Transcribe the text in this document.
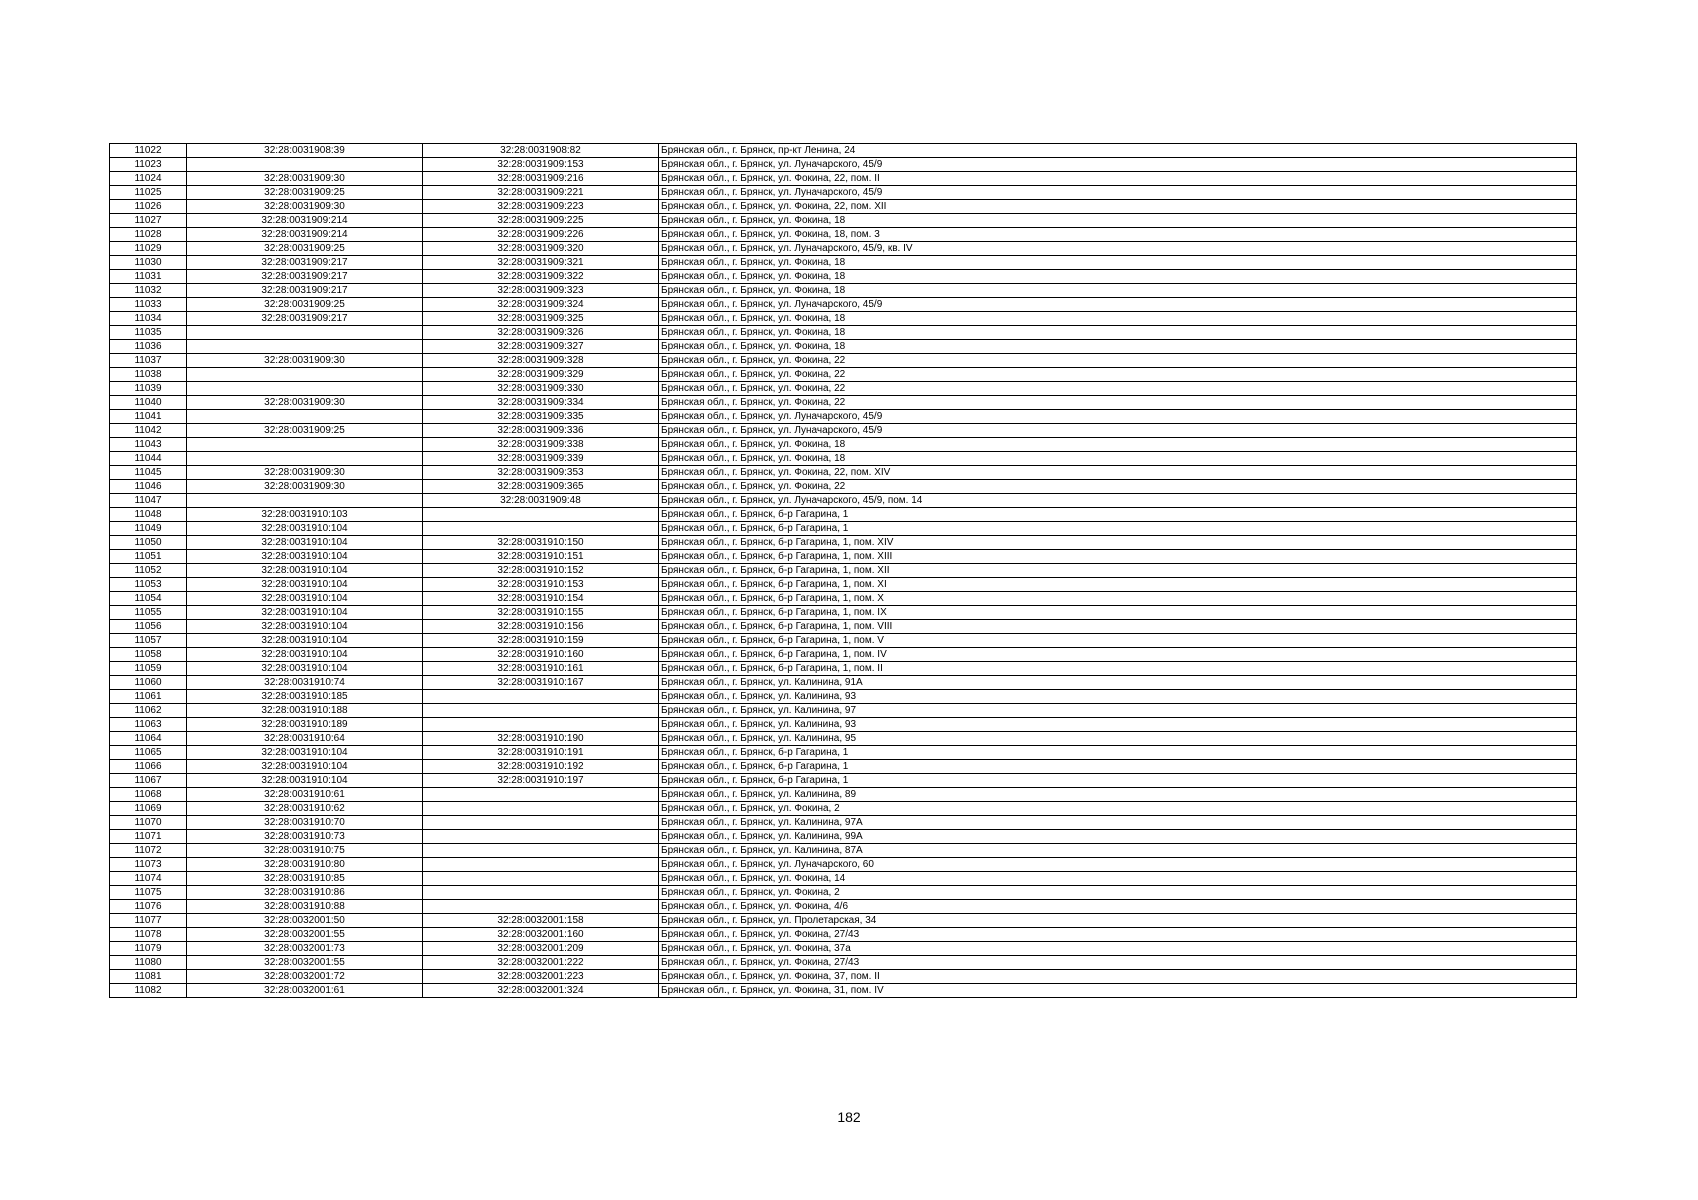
11022	32:28:0031908:39	32:28:0031908:82	Брянская обл., г. Брянск, пр-кт Ленина, 24
11023		32:28:0031909:153	Брянская обл., г. Брянск, ул. Луначарского, 45/9
11024	32:28:0031909:30	32:28:0031909:216	Брянская обл., г. Брянск, ул. Фокина, 22, пом. II
11025	32:28:0031909:25	32:28:0031909:221	Брянская обл., г. Брянск, ул. Луначарского, 45/9
11026	32:28:0031909:30	32:28:0031909:223	Брянская обл., г. Брянск, ул. Фокина, 22, пом. XII
11027	32:28:0031909:214	32:28:0031909:225	Брянская обл., г. Брянск, ул. Фокина, 18
11028	32:28:0031909:214	32:28:0031909:226	Брянская обл., г. Брянск, ул. Фокина, 18, пом. 3
11029	32:28:0031909:25	32:28:0031909:320	Брянская обл., г. Брянск, ул. Луначарского, 45/9, кв. IV
11030	32:28:0031909:217	32:28:0031909:321	Брянская обл., г. Брянск, ул. Фокина, 18
11031	32:28:0031909:217	32:28:0031909:322	Брянская обл., г. Брянск, ул. Фокина, 18
11032	32:28:0031909:217	32:28:0031909:323	Брянская обл., г. Брянск, ул. Фокина, 18
11033	32:28:0031909:25	32:28:0031909:324	Брянская обл., г. Брянск, ул. Луначарского, 45/9
11034	32:28:0031909:217	32:28:0031909:325	Брянская обл., г. Брянск, ул. Фокина, 18
11035		32:28:0031909:326	Брянская обл., г. Брянск, ул. Фокина, 18
11036		32:28:0031909:327	Брянская обл., г. Брянск, ул. Фокина, 18
11037	32:28:0031909:30	32:28:0031909:328	Брянская обл., г. Брянск, ул. Фокина, 22
11038		32:28:0031909:329	Брянская обл., г. Брянск, ул. Фокина, 22
11039		32:28:0031909:330	Брянская обл., г. Брянск, ул. Фокина, 22
11040	32:28:0031909:30	32:28:0031909:334	Брянская обл., г. Брянск, ул. Фокина, 22
11041		32:28:0031909:335	Брянская обл., г. Брянск, ул. Луначарского, 45/9
11042	32:28:0031909:25	32:28:0031909:336	Брянская обл., г. Брянск, ул. Луначарского, 45/9
11043		32:28:0031909:338	Брянская обл., г. Брянск, ул. Фокина, 18
11044		32:28:0031909:339	Брянская обл., г. Брянск, ул. Фокина, 18
11045	32:28:0031909:30	32:28:0031909:353	Брянская обл., г. Брянск, ул. Фокина, 22, пом. XIV
11046	32:28:0031909:30	32:28:0031909:365	Брянская обл., г. Брянск, ул. Фокина, 22
11047		32:28:0031909:48	Брянская обл., г. Брянск, ул. Луначарского, 45/9, пом. 14
11048	32:28:0031910:103		Брянская обл., г. Брянск, б-р Гагарина, 1
11049	32:28:0031910:104		Брянская обл., г. Брянск, б-р Гагарина, 1
11050	32:28:0031910:104	32:28:0031910:150	Брянская обл., г. Брянск, б-р Гагарина, 1, пом. XIV
11051	32:28:0031910:104	32:28:0031910:151	Брянская обл., г. Брянск, б-р Гагарина, 1, пом. XIII
11052	32:28:0031910:104	32:28:0031910:152	Брянская обл., г. Брянск, б-р Гагарина, 1, пом. XII
11053	32:28:0031910:104	32:28:0031910:153	Брянская обл., г. Брянск, б-р Гагарина, 1, пом. XI
11054	32:28:0031910:104	32:28:0031910:154	Брянская обл., г. Брянск, б-р Гагарина, 1, пом. X
11055	32:28:0031910:104	32:28:0031910:155	Брянская обл., г. Брянск, б-р Гагарина, 1, пом. IX
11056	32:28:0031910:104	32:28:0031910:156	Брянская обл., г. Брянск, б-р Гагарина, 1, пом. VIII
11057	32:28:0031910:104	32:28:0031910:159	Брянская обл., г. Брянск, б-р Гагарина, 1, пом. V
11058	32:28:0031910:104	32:28:0031910:160	Брянская обл., г. Брянск, б-р Гагарина, 1, пом. IV
11059	32:28:0031910:104	32:28:0031910:161	Брянская обл., г. Брянск, б-р Гагарина, 1, пом. II
11060	32:28:0031910:74	32:28:0031910:167	Брянская обл., г. Брянск, ул. Калинина, 91А
11061	32:28:0031910:185		Брянская обл., г. Брянск, ул. Калинина, 93
11062	32:28:0031910:188		Брянская обл., г. Брянск, ул. Калинина, 97
11063	32:28:0031910:189		Брянская обл., г. Брянск, ул. Калинина, 93
11064	32:28:0031910:64	32:28:0031910:190	Брянская обл., г. Брянск, ул. Калинина, 95
11065	32:28:0031910:104	32:28:0031910:191	Брянская обл., г. Брянск, б-р Гагарина, 1
11066	32:28:0031910:104	32:28:0031910:192	Брянская обл., г. Брянск, б-р Гагарина, 1
11067	32:28:0031910:104	32:28:0031910:197	Брянская обл., г. Брянск, б-р Гагарина, 1
11068	32:28:0031910:61		Брянская обл., г. Брянск, ул. Калинина, 89
11069	32:28:0031910:62		Брянская обл., г. Брянск, ул. Фокина, 2
11070	32:28:0031910:70		Брянская обл., г. Брянск, ул. Калинина, 97А
11071	32:28:0031910:73		Брянская обл., г. Брянск, ул. Калинина, 99А
11072	32:28:0031910:75		Брянская обл., г. Брянск, ул. Калинина, 87А
11073	32:28:0031910:80		Брянская обл., г. Брянск, ул. Луначарского, 60
11074	32:28:0031910:85		Брянская обл., г. Брянск, ул. Фокина, 14
11075	32:28:0031910:86		Брянская обл., г. Брянск, ул. Фокина, 2
11076	32:28:0031910:88		Брянская обл., г. Брянск, ул. Фокина, 4/6
11077	32:28:0032001:50	32:28:0032001:158	Брянская обл., г. Брянск, ул. Пролетарская, 34
11078	32:28:0032001:55	32:28:0032001:160	Брянская обл., г. Брянск, ул. Фокина, 27/43
11079	32:28:0032001:73	32:28:0032001:209	Брянская обл., г. Брянск, ул. Фокина, 37а
11080	32:28:0032001:55	32:28:0032001:222	Брянская обл., г. Брянск, ул. Фокина, 27/43
11081	32:28:0032001:72	32:28:0032001:223	Брянская обл., г. Брянск, ул. Фокина, 37, пом. II
11082	32:28:0032001:61	32:28:0032001:324	Брянская обл., г. Брянск, ул. Фокина, 31, пом. IV
182
